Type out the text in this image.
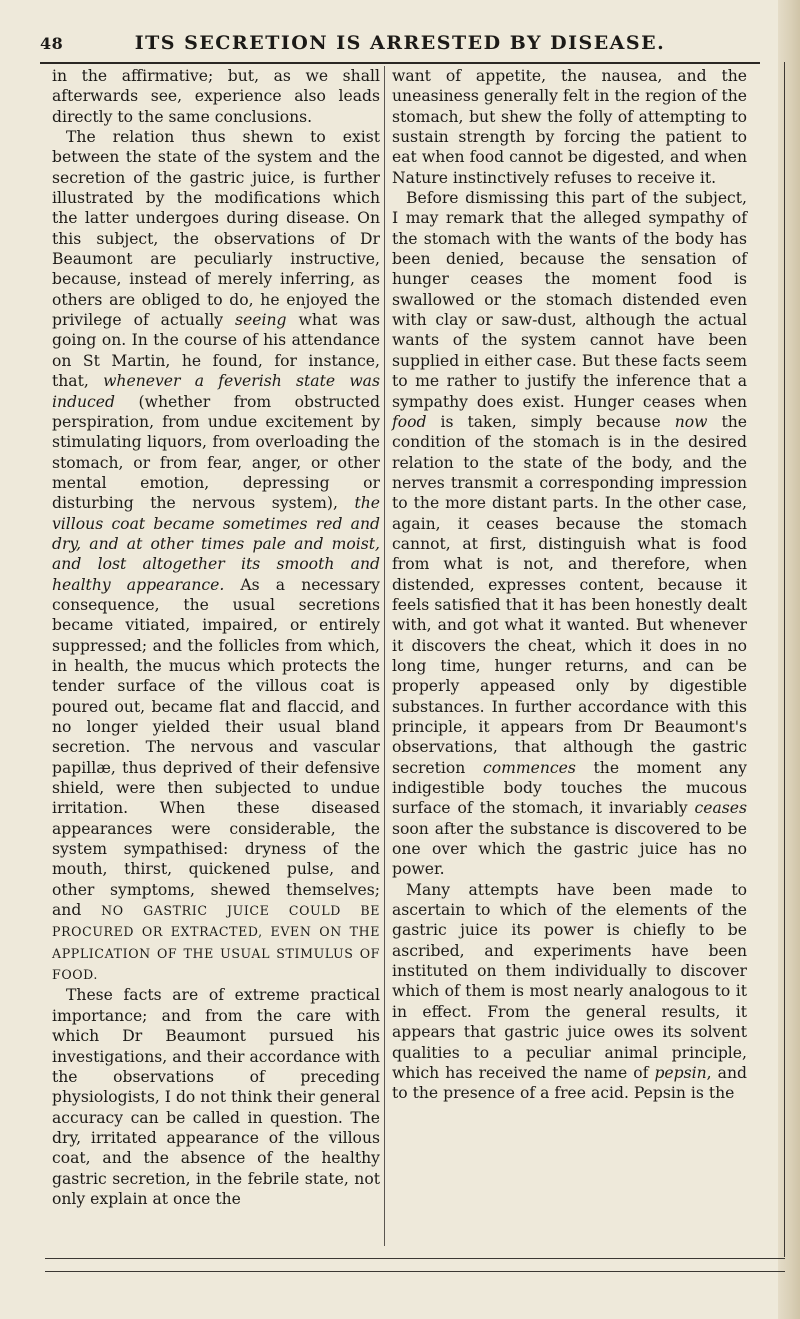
48	ITS SECRETION IS ARRESTED BY DISEASE.

in the affirmative; but, as we shall afterwards see, experience also leads directly to the same conclusions.

The relation thus shewn to exist between the state of the system and the secretion of the gastric juice, is further illustrated by the modifications which the latter undergoes during disease. On this subject, the observations of Dr Beaumont are peculiarly instructive, because, instead of merely inferring, as others are obliged to do, he enjoyed the privilege of actually seeing what was going on. In the course of his attendance on St Martin, he found, for instance, that, whenever a feverish state was induced (whether from obstructed perspiration, from undue excitement by stimulating liquors, from overloading the stomach, or from fear, anger, or other mental emotion, depressing or disturbing the nervous system), the villous coat became sometimes red and dry, and at other times pale and moist, and lost altogether its smooth and healthy appearance. As a necessary consequence, the usual secretions became vitiated, impaired, or entirely suppressed; and the follicles from which, in health, the mucus which protects the tender surface of the villous coat is poured out, became flat and flaccid, and no longer yielded their usual bland secretion. The nervous and vascular papillæ, thus deprived of their defensive shield, were then subjected to undue irritation. When these diseased appearances were considerable, the system sympathised: dryness of the mouth, thirst, quickened pulse, and other symptoms, shewed themselves; and NO GASTRIC JUICE COULD BE PROCURED OR EXTRACTED, EVEN ON THE APPLICATION OF THE USUAL STIMULUS OF FOOD.

These facts are of extreme practical importance; and from the care with which Dr Beaumont pursued his investigations, and their accordance with the observations of preceding physiologists, I do not think their general accuracy can be called in question. The dry, irritated appearance of the villous coat, and the absence of the healthy gastric secretion, in the febrile state, not only explain at once the

want of appetite, the nausea, and the uneasiness generally felt in the region of the stomach, but shew the folly of attempting to sustain strength by forcing the patient to eat when food cannot be digested, and when Nature instinctively refuses to receive it.

Before dismissing this part of the subject, I may remark that the alleged sympathy of the stomach with the wants of the body has been denied, because the sensation of hunger ceases the moment food is swallowed or the stomach distended even with clay or saw-dust, although the actual wants of the system cannot have been supplied in either case. But these facts seem to me rather to justify the inference that a sympathy does exist. Hunger ceases when food is taken, simply because now the condition of the stomach is in the desired relation to the state of the body, and the nerves transmit a corresponding impression to the more distant parts. In the other case, again, it ceases because the stomach cannot, at first, distinguish what is food from what is not, and therefore, when distended, expresses content, because it feels satisfied that it has been honestly dealt with, and got what it wanted. But whenever it discovers the cheat, which it does in no long time, hunger returns, and can be properly appeased only by digestible substances. In further accordance with this principle, it appears from Dr Beaumont's observations, that although the gastric secretion commences the moment any indigestible body touches the mucous surface of the stomach, it invariably ceases soon after the substance is discovered to be one over which the gastric juice has no power.

Many attempts have been made to ascertain to which of the elements of the gastric juice its power is chiefly to be ascribed, and experiments have been instituted on them individually to discover which of them is most nearly analogous to it in effect. From the general results, it appears that gastric juice owes its solvent qualities to a peculiar animal principle, which has received the name of pepsin, and to the presence of a free acid. Pepsin is the
